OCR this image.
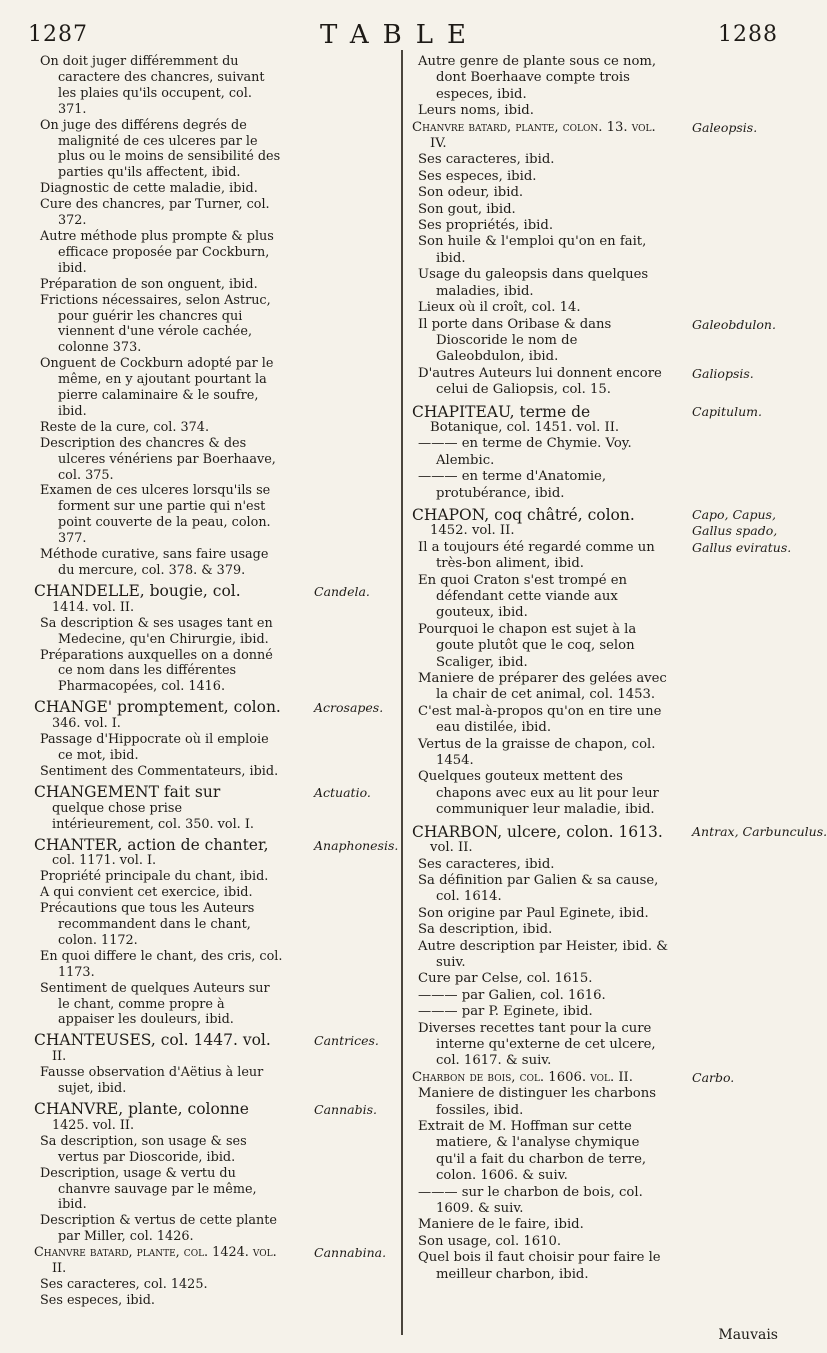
1287	TABLE	1288

On doit juger différemment du caractere des chancres, suivant les plaies qu'ils occupent, col. 371.

On juge des différens degrés de malignité de ces ulceres par le plus ou le moins de sensibilité des parties qu'ils affectent, ibid.

Diagnostic de cette maladie, ibid.

Cure des chancres, par Turner, col. 372.

Autre méthode plus prompte & plus efficace proposée par Cockburn, ibid.

Préparation de son onguent, ibid.

Frictions nécessaires, selon Astruc, pour guérir les chancres qui viennent d'une vérole cachée, colonne 373.

Onguent de Cockburn adopté par le même, en y ajoutant pourtant la pierre calaminaire & le soufre, ibid.

Reste de la cure, col. 374.

Description des chancres & des ulceres vénériens par Boerhaave, col. 375.

Examen de ces ulceres lorsqu'ils se forment sur une partie qui n'est point couverte de la peau, colon. 377.

Méthode curative, sans faire usage du mercure, col. 378. & 379.

CHANDELLE, bougie, col. 1414. vol. II.
Candela.

Sa description & ses usages tant en Medecine, qu'en Chirurgie, ibid.

Préparations auxquelles on a donné ce nom dans les différentes Pharmacopées, col. 1416.

CHANGE' promptement, colon. 346. vol. I.
Acrosapes.

Passage d'Hippocrate où il emploie ce mot, ibid.

Sentiment des Commentateurs, ibid.

CHANGEMENT fait sur quelque chose prise intérieurement, col. 350. vol. I.
Actuatio.

CHANTER, action de chanter, col. 1171. vol. I.
Anaphonesis.

Propriété principale du chant, ibid.

A qui convient cet exercice, ibid.

Précautions que tous les Auteurs recommandent dans le chant, colon. 1172.

En quoi differe le chant, des cris, col. 1173.

Sentiment de quelques Auteurs sur le chant, comme propre à appaiser les douleurs, ibid.

CHANTEUSES, col. 1447. vol. II.
Cantrices.

Fausse observation d'Aëtius à leur sujet, ibid.

CHANVRE, plante, colonne 1425. vol. II.
Cannabis.

Sa description, son usage & ses vertus par Dioscoride, ibid.

Description, usage & vertu du chanvre sauvage par le même, ibid.

Description & vertus de cette plante par Miller, col. 1426.

Chanvre batard, plante, col. 1424. vol. II.
Cannabina.

Ses caracteres, col. 1425.

Ses especes, ibid.

Autre genre de plante sous ce nom, dont Boerhaave compte trois especes, ibid.

Leurs noms, ibid.

Chanvre batard, plante, colon. 13. vol. IV.
Galeopsis.

Ses caracteres, ibid.

Ses especes, ibid.

Son odeur, ibid.

Son gout, ibid.

Ses propriétés, ibid.

Son huile & l'emploi qu'on en fait, ibid.

Usage du galeopsis dans quelques maladies, ibid.

Lieux où il croît, col. 14.

Il porte dans Oribase & dans Dioscoride le nom de Galeobdulon, ibid.
Galeobdulon.

D'autres Auteurs lui donnent encore celui de Galiopsis, col. 15.
Galiopsis.

CHAPITEAU, terme de Botanique, col. 1451. vol. II.
Capitulum.

——— en terme de Chymie. Voy. Alembic.

——— en terme d'Anatomie, protubérance, ibid.

CHAPON, coq châtré, colon. 1452. vol. II.
Capo, Capus,
Gallus spado,
Gallus eviratus.

Il a toujours été regardé comme un très-bon aliment, ibid.

En quoi Craton s'est trompé en défendant cette viande aux gouteux, ibid.

Pourquoi le chapon est sujet à la goute plutôt que le coq, selon Scaliger, ibid.

Maniere de préparer des gelées avec la chair de cet animal, col. 1453.

C'est mal-à-propos qu'on en tire une eau distilée, ibid.

Vertus de la graisse de chapon, col. 1454.

Quelques gouteux mettent des chapons avec eux au lit pour leur communiquer leur maladie, ibid.

CHARBON, ulcere, colon. 1613. vol. II.
Antrax, Carbunculus.

Ses caracteres, ibid.

Sa définition par Galien & sa cause, col. 1614.

Son origine par Paul Eginete, ibid.

Sa description, ibid.

Autre description par Heister, ibid. & suiv.

Cure par Celse, col. 1615.

——— par Galien, col. 1616.

——— par P. Eginete, ibid.

Diverses recettes tant pour la cure interne qu'externe de cet ulcere, col. 1617. & suiv.

Charbon de bois, col. 1606. vol. II.	Carbo.

Maniere de distinguer les charbons fossiles, ibid.

Extrait de M. Hoffman sur cette matiere, & l'analyse chymique qu'il a fait du charbon de terre, colon. 1606. & suiv.

——— sur le charbon de bois, col. 1609. & suiv.

Maniere de le faire, ibid.

Son usage, col. 1610.

Quel bois il faut choisir pour faire le meilleur charbon, ibid.

Mauvais
